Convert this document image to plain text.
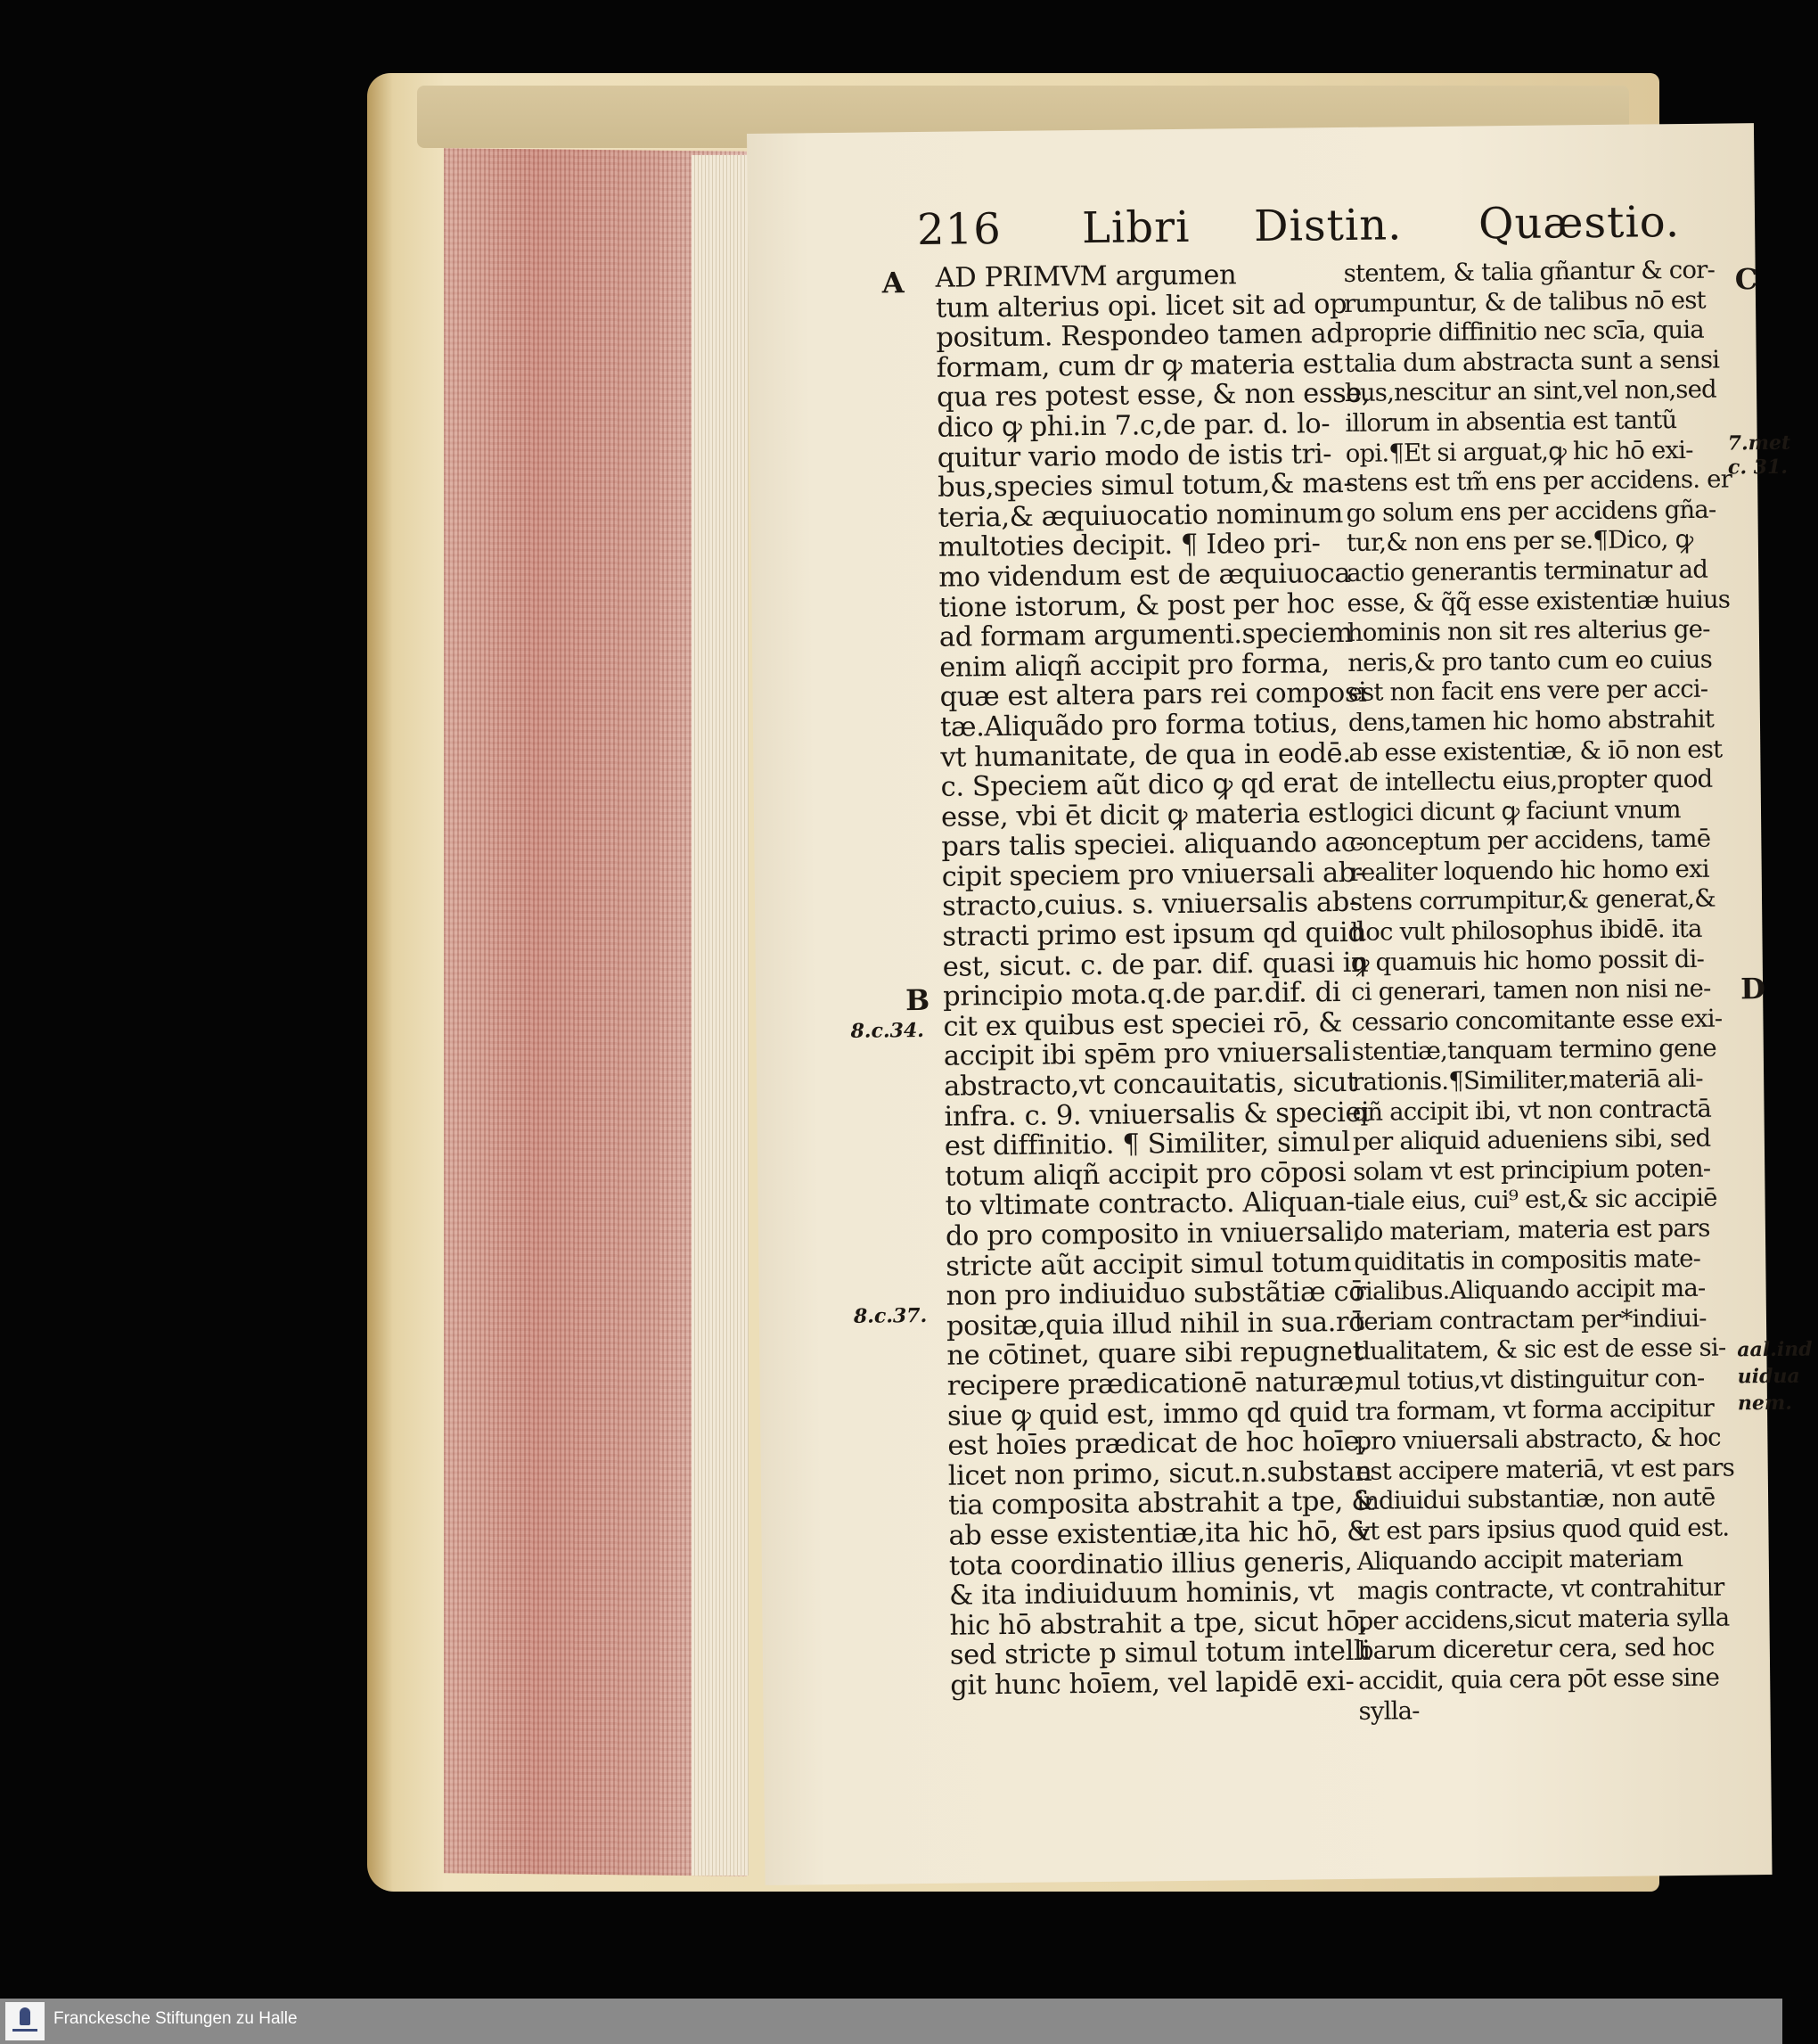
216 Libri Distin. Quæstio.
A
B
C
D
8.c.34.
8.c.37.
7.met
c. 31.
aal.ind
uidua
nem.
AD PRIMVM argumen
tum alterius opi. licet sit ad op
positum. Respondeo tamen ad
formam, cum dr ꝙ materia est
qua res potest esse, & non esse,
dico ꝙ phi.in 7.c,de par. d. lo-
quitur vario modo de istis tri-
bus,species simul totum,& ma-
teria,& æquiuocatio nominum
multoties decipit. ¶ Ideo pri-
mo videndum est de æquiuoca
tione istorum, & post per hoc
ad formam argumenti.speciem
enim aliqñ accipit pro forma,
quæ est altera pars rei composi
tæ.Aliquãdo pro forma totius,
vt humanitate, de qua in eodē.
c. Speciem aũt dico ꝙ qd erat
esse, vbi ēt dicit ꝙ materia est
pars talis speciei. aliquando ac-
cipit speciem pro vniuersali ab-
stracto,cuius. s. vniuersalis ab-
stracti primo est ipsum qd quid
est, sicut. c. de par. dif. quasi in
principio mota.q.de par.dif. di
cit ex quibus est speciei rō, &
accipit ibi spēm pro vniuersali
abstracto,vt concauitatis, sicut
infra. c. 9. vniuersalis & speciei
est diffinitio. ¶ Similiter, simul
totum aliqñ accipit pro cōposi
to vltimate contracto. Aliquan-
do pro composito in vniuersali,
stricte aũt accipit simul totum
non pro indiuiduo substãtiæ cō
positæ,quia illud nihil in sua.rō
ne cōtinet, quare sibi repugnet
recipere prædicationē naturæ,
siue ꝙ quid est, immo qd quid
est hoīes prædicat de hoc hoīe,
licet non primo, sicut.n.substan
tia composita abstrahit a tpe, &
ab esse existentiæ,ita hic hō, &
tota coordinatio illius generis,
& ita indiuiduum hominis, vt
hic hō abstrahit a tpe, sicut hō,
sed stricte p simul totum intelli
git hunc hoīem, vel lapidē exi-
stentem, & talia gñantur & cor-
rumpuntur, & de talibus nō est
proprie diffinitio nec scīa, quia
talia dum abstracta sunt a sensi
bus,nescitur an sint,vel non,sed
illorum in absentia est tantũ
opi.¶Et si arguat,ꝙ hic hō exi-
stens est tm̃ ens per accidens. er
go solum ens per accidens gña-
tur,& non ens per se.¶Dico, ꝙ
actio generantis terminatur ad
esse, & q̃q̃ esse existentiæ huius
hominis non sit res alterius ge-
neris,& pro tanto cum eo cuius
est non facit ens vere per acci-
dens,tamen hic homo abstrahit
ab esse existentiæ, & iō non est
de intellectu eius,propter quod
logici dicunt ꝙ faciunt vnum
conceptum per accidens, tamē
realiter loquendo hic homo exi
stens corrumpitur,& generat,&
hoc vult philosophus ibidē. ita
ꝙ quamuis hic homo possit di-
ci generari, tamen non nisi ne-
cessario concomitante esse exi-
stentiæ,tanquam termino gene
rationis.¶Similiter,materiā ali-
qñ accipit ibi, vt non contractā
per aliquid adueniens sibi, sed
solam vt est principium poten-
tiale eius, cui⁹ est,& sic accipiē
do materiam, materia est pars
quiditatis in compositis mate-
rialibus.Aliquando accipit ma-
teriam contractam per*indiui-
dualitatem, & sic est de esse si-
mul totius,vt distinguitur con-
tra formam, vt forma accipitur
pro vniuersali abstracto, & hoc
est accipere materiā, vt est pars
indiuidui substantiæ, non autē
vt est pars ipsius quod quid est.
Aliquando accipit materiam
magis contracte, vt contrahitur
per accidens,sicut materia sylla
barum diceretur cera, sed hoc
accidit, quia cera pōt esse sine
sylla-
Franckesche Stiftungen zu Halle
